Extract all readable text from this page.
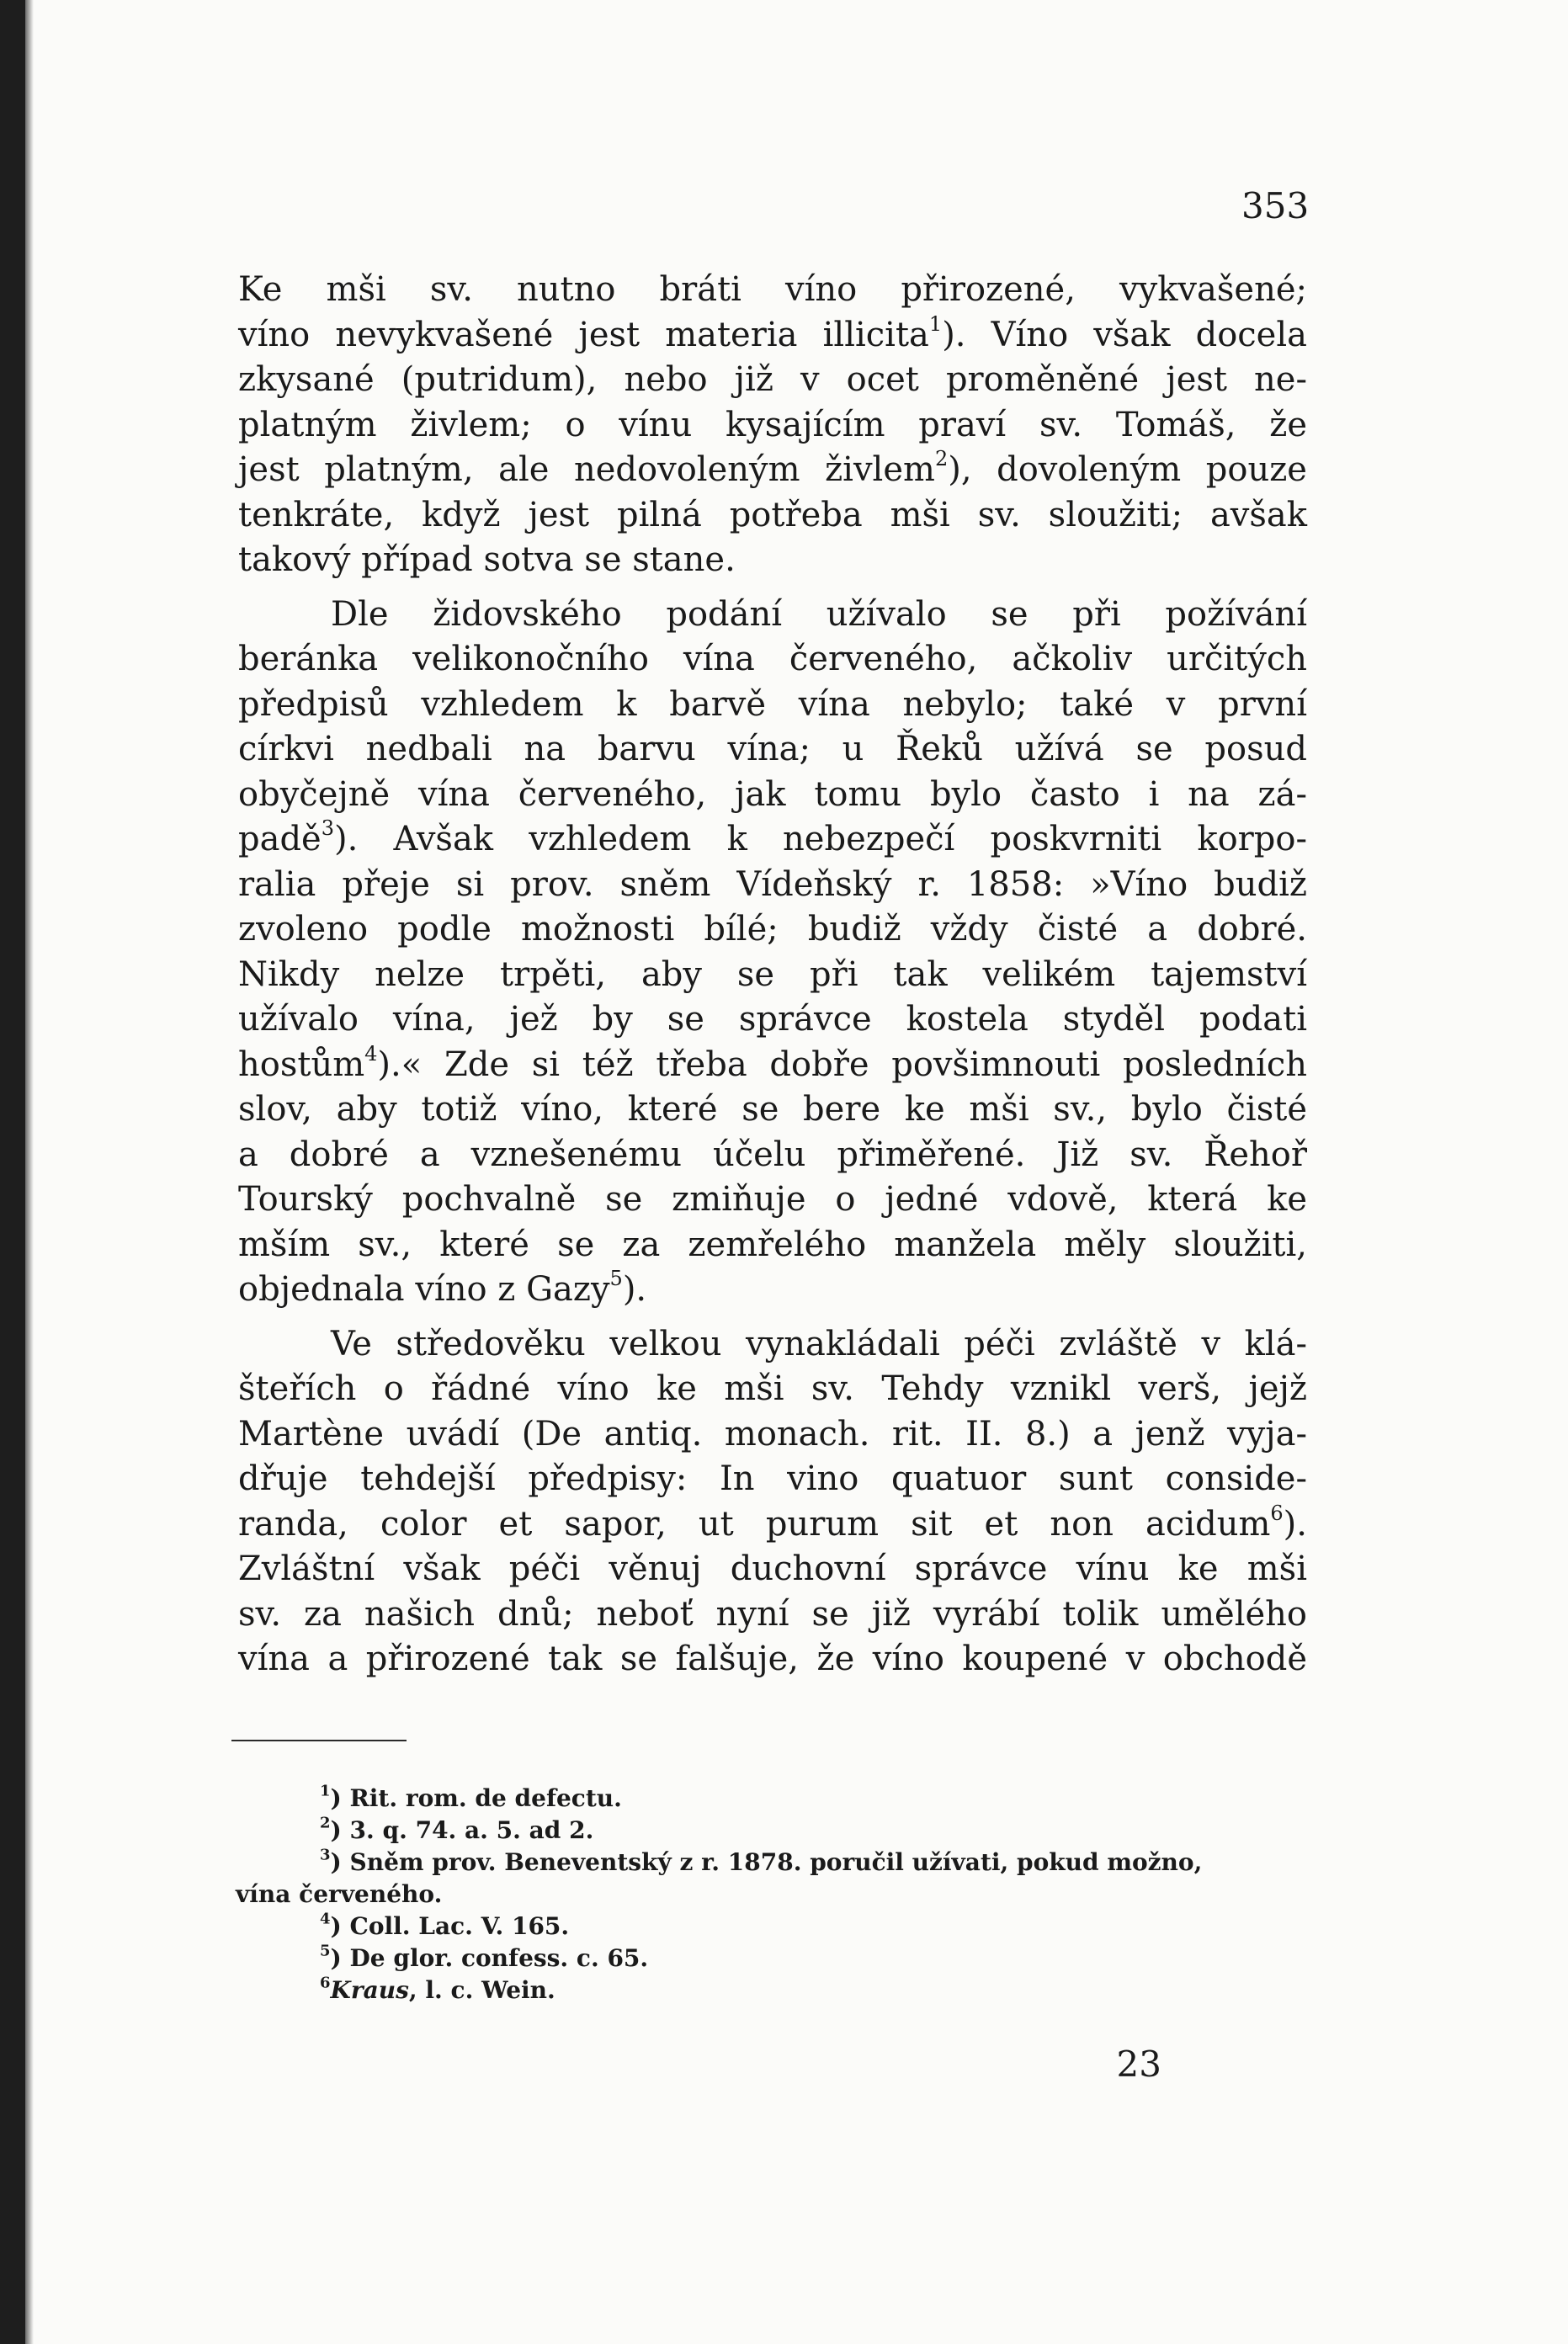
353
Ke mši sv. nutno bráti víno přirozené, vykvašené;
víno nevykvašené jest materia illicita$^1$). Víno však docela
zkysané (putridum), nebo již v ocet proměněné jest ne-
platným živlem; o vínu kysajícím praví sv. Tomáš, že
jest platným, ale nedovoleným živlem$^2$), dovoleným pouze
tenkráte, když jest pilná potřeba mši sv. sloužiti; avšak
takový případ sotva se stane.
Dle židovského podání užívalo se při požívání
beránka velikonočního vína červeného, ačkoliv určitých
předpisů vzhledem k barvě vína nebylo; také v první
církvi nedbali na barvu vína; u Řeků užívá se posud
obyčejně vína červeného, jak tomu bylo často i na zá-
padě$^3$). Avšak vzhledem k nebezpečí poskvrniti korpo-
ralia přeje si prov. sněm Vídeňský r. 1858: »Víno budiž
zvoleno podle možnosti bílé; budiž vždy čisté a dobré.
Nikdy nelze trpěti, aby se při tak velikém tajemství
užívalo vína, jež by se správce kostela styděl podati
hostům$^4$).« Zde si též třeba dobře povšimnouti posledních
slov, aby totiž víno, které se bere ke mši sv., bylo čisté
a dobré a vznešenému účelu přiměřené. Již sv. Řehoř
Tourský pochvalně se zmiňuje o jedné vdově, která ke
mším sv., které se za zemřelého manžela měly sloužiti,
objednala víno z Gazy$^5$).
Ve středověku velkou vynakládali péči zvláště v klá-
šteřích o řádné víno ke mši sv. Tehdy vznikl verš, jejž
Martène uvádí (De antiq. monach. rit. II. 8.) a jenž vyja-
dřuje tehdejší předpisy: In vino quatuor sunt conside-
randa, color et sapor, ut purum sit et non acidum$^6$).
Zvláštní však péči věnuj duchovní správce vínu ke mši
sv. za našich dnů; neboť nyní se již vyrábí tolik umělého
vína a přirozené tak se falšuje, že víno koupené v obchodě
$^1$) Rit. rom. de defectu.
$^2$) 3. q. 74. a. 5. ad 2.
$^3$) Sněm prov. Beneventský z r. 1878. poručil užívati, pokud možno,
vína červeného.
$^4$) Coll. Lac. V. 165.
$^5$) De glor. confess. c. 65.
$^6$Kraus, l. c. Wein.
23
